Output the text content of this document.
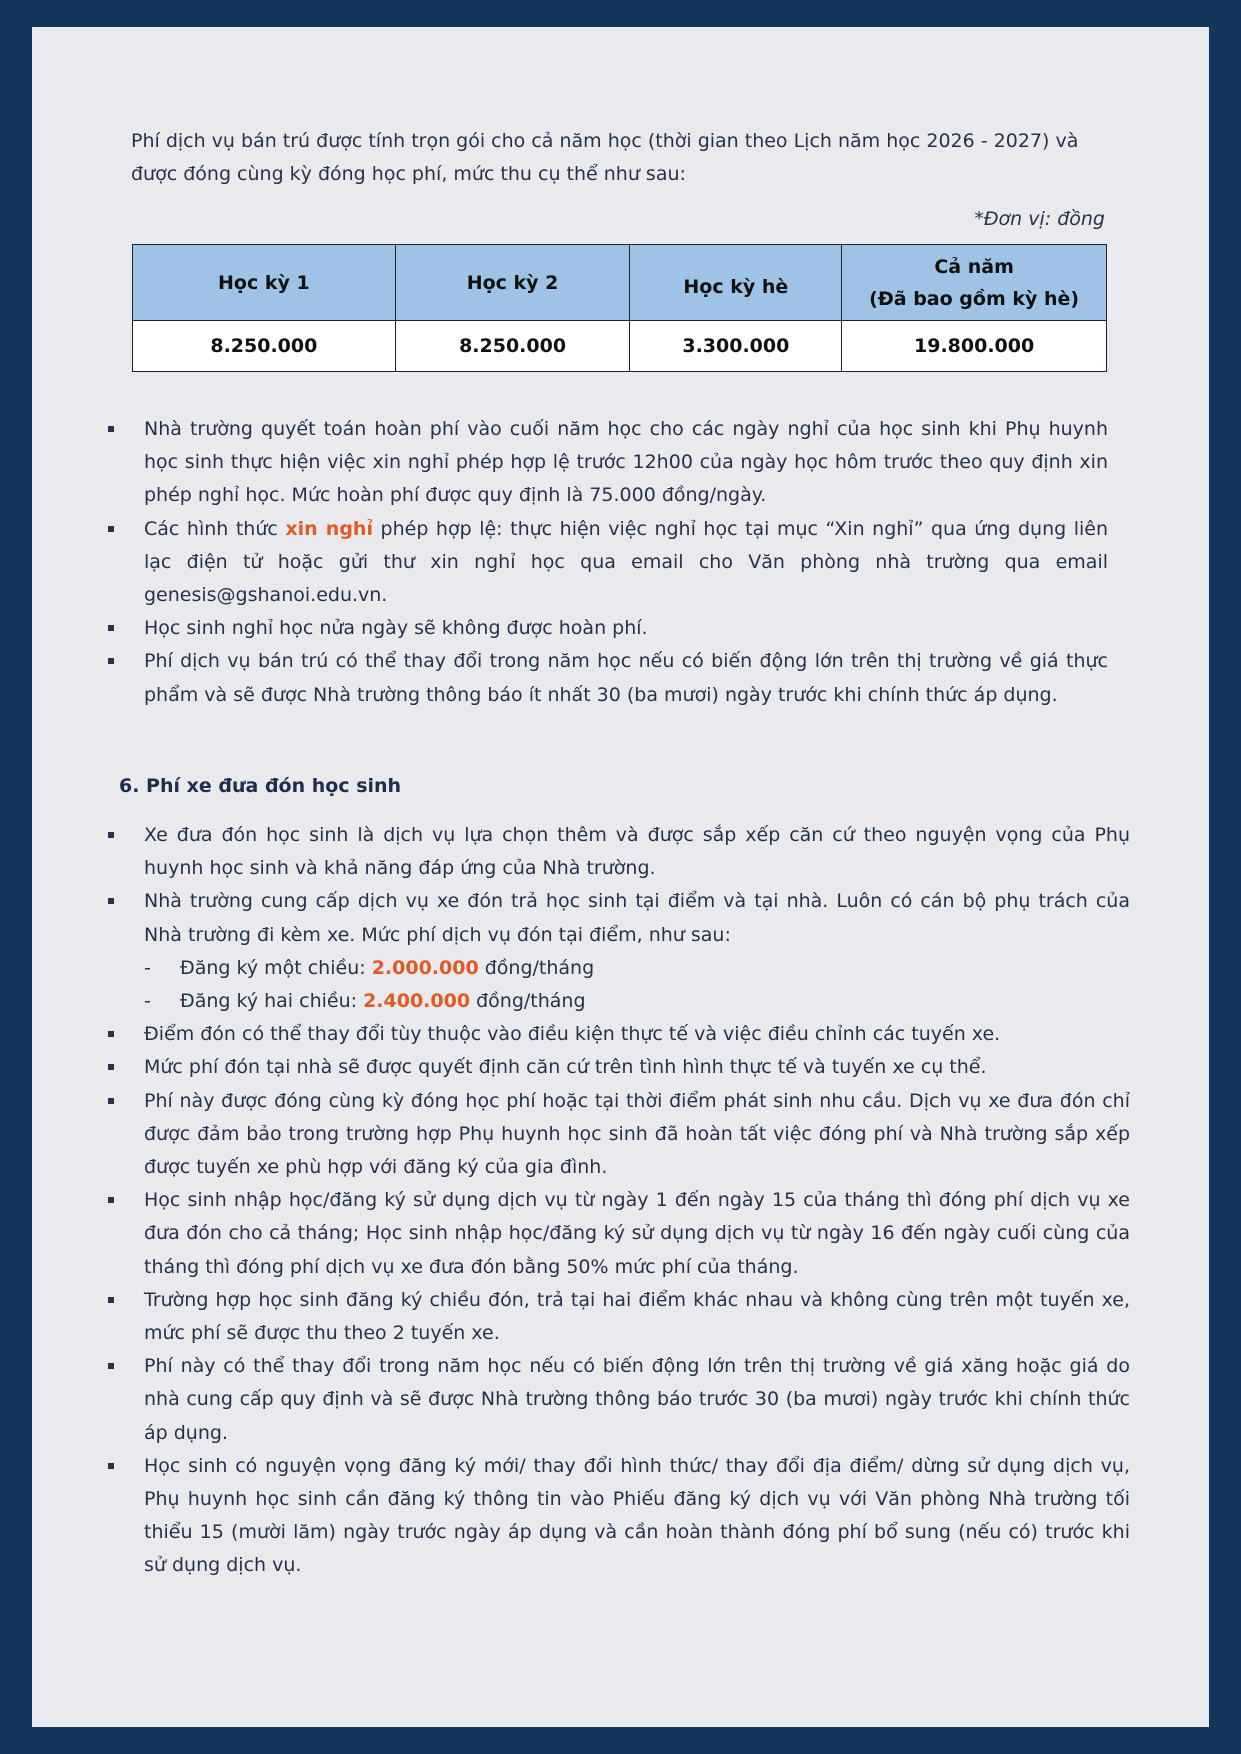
Phí dịch vụ bán trú được tính trọn gói cho cả năm học (thời gian theo Lịch năm học 2026 - 2027) và được đóng cùng kỳ đóng học phí, mức thu cụ thể như sau:

*Đơn vị: đồng
Học kỳ 1	Học kỳ 2	Học kỳ hè	Cả năm
(Đã bao gồm kỳ hè)

8.250.000	8.250.000	3.300.000	19.800.000
Nhà trường quyết toán hoàn phí vào cuối năm học cho các ngày nghỉ của học sinh khi Phụ huynh học sinh thực hiện việc xin nghỉ phép hợp lệ trước 12h00 của ngày học hôm trước theo quy định xin phép nghỉ học. Mức hoàn phí được quy định là 75.000 đồng/ngày.
Các hình thức xin nghỉ phép hợp lệ: thực hiện việc nghỉ học tại mục “Xin nghỉ” qua ứng dụng liên lạc điện tử hoặc gửi thư xin nghỉ học qua email cho Văn phòng nhà trường qua email genesis@gshanoi.edu.vn.
Học sinh nghỉ học nửa ngày sẽ không được hoàn phí.
Phí dịch vụ bán trú có thể thay đổi trong năm học nếu có biến động lớn trên thị trường về giá thực phẩm và sẽ được Nhà trường thông báo ít nhất 30 (ba mươi) ngày trước khi chính thức áp dụng.
6. Phí xe đưa đón học sinh
Xe đưa đón học sinh là dịch vụ lựa chọn thêm và được sắp xếp căn cứ theo nguyện vọng của Phụ huynh học sinh và khả năng đáp ứng của Nhà trường.
Nhà trường cung cấp dịch vụ xe đón trả học sinh tại điểm và tại nhà. Luôn có cán bộ phụ trách của Nhà trường đi kèm xe. Mức phí dịch vụ đón tại điểm, như sau:
- Đăng ký một chiều: 2.000.000 đồng/tháng
- Đăng ký hai chiều: 2.400.000 đồng/tháng
Điểm đón có thể thay đổi tùy thuộc vào điều kiện thực tế và việc điều chỉnh các tuyến xe.
Mức phí đón tại nhà sẽ được quyết định căn cứ trên tình hình thực tế và tuyến xe cụ thể.
Phí này được đóng cùng kỳ đóng học phí hoặc tại thời điểm phát sinh nhu cầu. Dịch vụ xe đưa đón chỉ được đảm bảo trong trường hợp Phụ huynh học sinh đã hoàn tất việc đóng phí và Nhà trường sắp xếp được tuyến xe phù hợp với đăng ký của gia đình.
Học sinh nhập học/đăng ký sử dụng dịch vụ từ ngày 1 đến ngày 15 của tháng thì đóng phí dịch vụ xe đưa đón cho cả tháng; Học sinh nhập học/đăng ký sử dụng dịch vụ từ ngày 16 đến ngày cuối cùng của tháng thì đóng phí dịch vụ xe đưa đón bằng 50% mức phí của tháng.
Trường hợp học sinh đăng ký chiều đón, trả tại hai điểm khác nhau và không cùng trên một tuyến xe, mức phí sẽ được thu theo 2 tuyến xe.
Phí này có thể thay đổi trong năm học nếu có biến động lớn trên thị trường về giá xăng hoặc giá do nhà cung cấp quy định và sẽ được Nhà trường thông báo trước 30 (ba mươi) ngày trước khi chính thức áp dụng.
Học sinh có nguyện vọng đăng ký mới/ thay đổi hình thức/ thay đổi địa điểm/ dừng sử dụng dịch vụ, Phụ huynh học sinh cần đăng ký thông tin vào Phiếu đăng ký dịch vụ với Văn phòng Nhà trường tối thiểu 15 (mười lăm) ngày trước ngày áp dụng và cần hoàn thành đóng phí bổ sung (nếu có) trước khi sử dụng dịch vụ.
